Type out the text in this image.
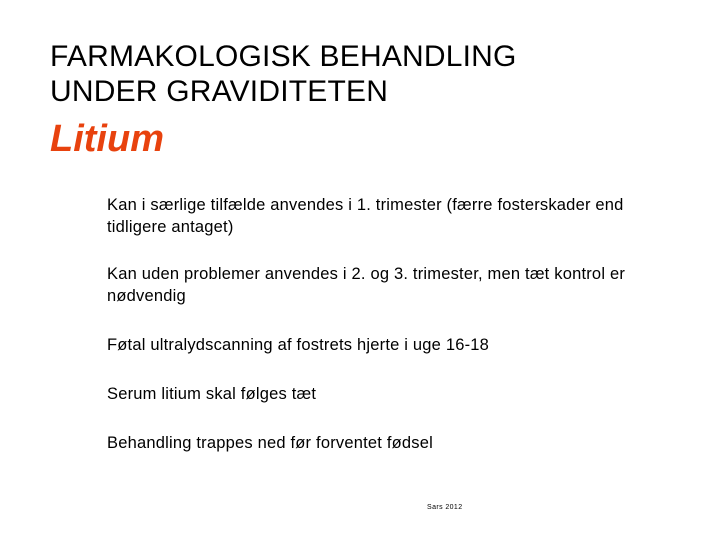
FARMAKOLOGISK BEHANDLING
UNDER GRAVIDITETEN
Litium
Kan i særlige tilfælde anvendes i 1. trimester (færre fosterskader end tidligere antaget)
Kan uden problemer anvendes i 2. og 3. trimester, men tæt kontrol er nødvendig
Føtal ultralydscanning af fostrets hjerte i uge 16-18
Serum litium skal følges tæt
Behandling trappes ned før forventet fødsel
Sars 2012
